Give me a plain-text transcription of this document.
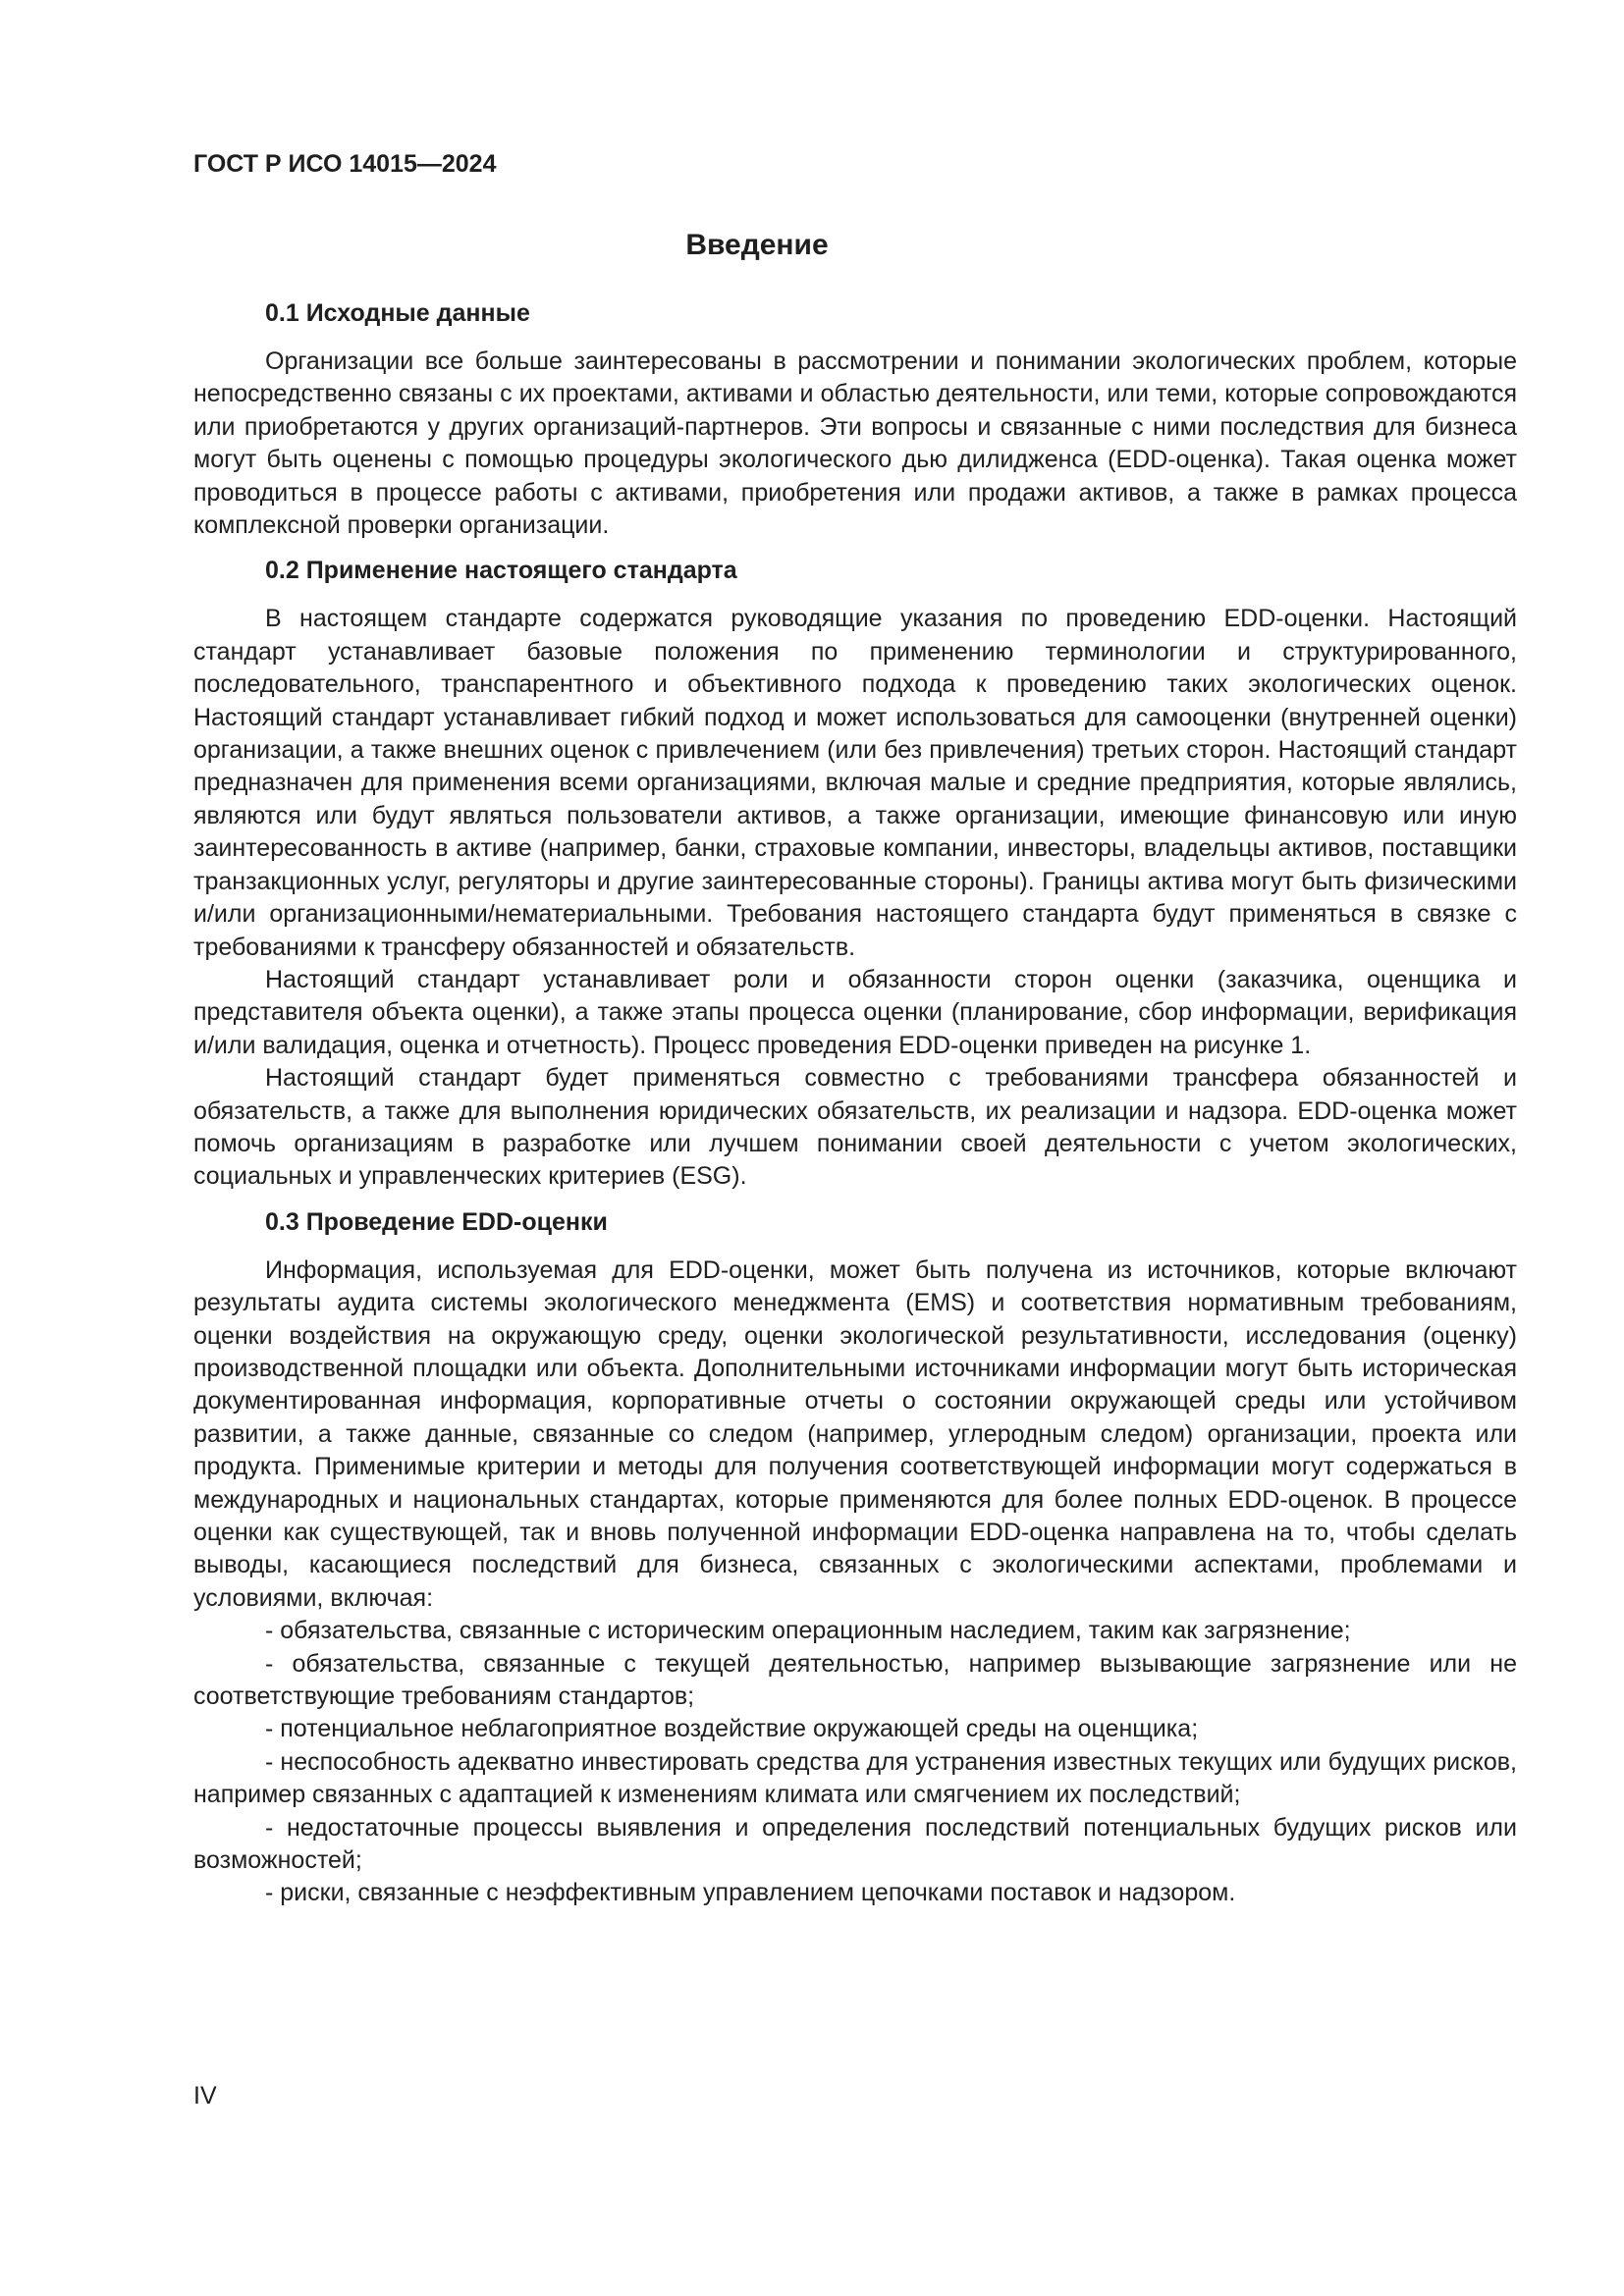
ГОСТ Р ИСО 14015—2024
Введение
0.1 Исходные данные

Организации все больше заинтересованы в рассмотрении и понимании экологических проблем, которые непосредственно связаны с их проектами, активами и областью деятельности, или теми, которые сопровождаются или приобретаются у других организаций-партнеров. Эти вопросы и связанные с ними последствия для бизнеса могут быть оценены с помощью процедуры экологического дью дилидженса (EDD-оценка). Такая оценка может проводиться в процессе работы с активами, приобретения или продажи активов, а также в рамках процесса комплексной проверки организации.

0.2 Применение настоящего стандарта

В настоящем стандарте содержатся руководящие указания по проведению EDD-оценки. Настоящий стандарт устанавливает базовые положения по применению терминологии и структурированного, последовательного, транспарентного и объективного подхода к проведению таких экологических оценок. Настоящий стандарт устанавливает гибкий подход и может использоваться для самооценки (внутренней оценки) организации, а также внешних оценок с привлечением (или без привлечения) третьих сторон. Настоящий стандарт предназначен для применения всеми организациями, включая малые и средние предприятия, которые являлись, являются или будут являться пользователи активов, а также организации, имеющие финансовую или иную заинтересованность в активе (например, банки, страховые компании, инвесторы, владельцы активов, поставщики транзакционных услуг, регуляторы и другие заинтересованные стороны). Границы актива могут быть физическими и/или организационными/нематериальными. Требования настоящего стандарта будут применяться в связке с требованиями к трансферу обязанностей и обязательств.

Настоящий стандарт устанавливает роли и обязанности сторон оценки (заказчика, оценщика и представителя объекта оценки), а также этапы процесса оценки (планирование, сбор информации, верификация и/или валидация, оценка и отчетность). Процесс проведения EDD-оценки приведен на рисунке 1.

Настоящий стандарт будет применяться совместно с требованиями трансфера обязанностей и обязательств, а также для выполнения юридических обязательств, их реализации и надзора. EDD-оценка может помочь организациям в разработке или лучшем понимании своей деятельности с учетом экологических, социальных и управленческих критериев (ESG).

0.3 Проведение EDD-оценки

Информация, используемая для EDD-оценки, может быть получена из источников, которые включают результаты аудита системы экологического менеджмента (EMS) и соответствия нормативным требованиям, оценки воздействия на окружающую среду, оценки экологической результативности, исследования (оценку) производственной площадки или объекта. Дополнительными источниками информации могут быть историческая документированная информация, корпоративные отчеты о состоянии окружающей среды или устойчивом развитии, а также данные, связанные со следом (например, углеродным следом) организации, проекта или продукта. Применимые критерии и методы для получения соответствующей информации могут содержаться в международных и национальных стандартах, которые применяются для более полных EDD-оценок. В процессе оценки как существующей, так и вновь полученной информации EDD-оценка направлена на то, чтобы сделать выводы, касающиеся последствий для бизнеса, связанных с экологическими аспектами, проблемами и условиями, включая:

- обязательства, связанные с историческим операционным наследием, таким как загрязнение;

- обязательства, связанные с текущей деятельностью, например вызывающие загрязнение или не соответствующие требованиям стандартов;

- потенциальное неблагоприятное воздействие окружающей среды на оценщика;

- неспособность адекватно инвестировать средства для устранения известных текущих или будущих рисков, например связанных с адаптацией к изменениям климата или смягчением их последствий;

- недостаточные процессы выявления и определения последствий потенциальных будущих рисков или возможностей;

- риски, связанные с неэффективным управлением цепочками поставок и надзором.

IV
